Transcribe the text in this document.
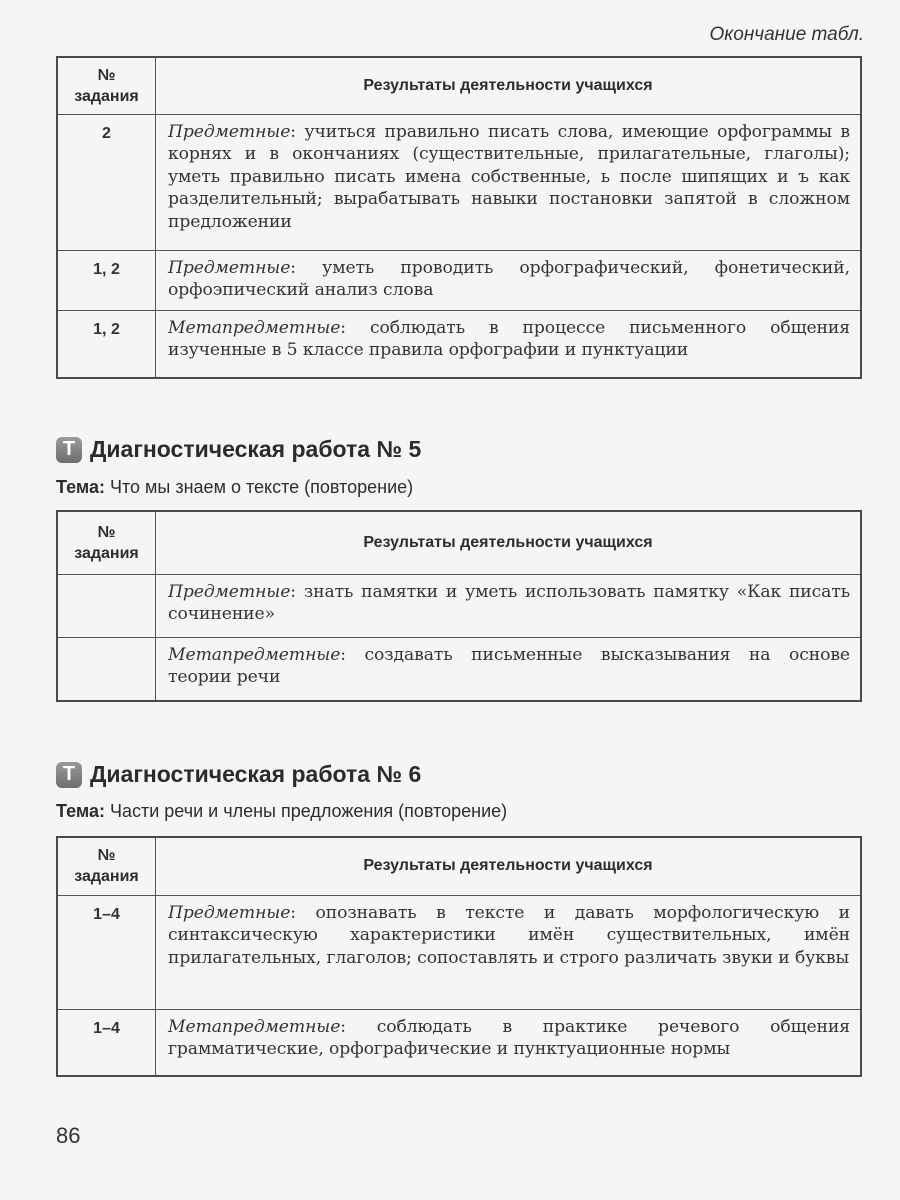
Окончание табл.
№
задания	Результаты деятельности учащихся
2	Предметные: учиться правильно писать слова, имеющие орфограммы в корнях и в окончаниях (существительные, прилагательные, глаголы); уметь правильно писать имена собственные, ь после шипящих и ъ как разделительный; вырабатывать навыки постановки запятой в сложном предложении
1, 2	Предметные: уметь проводить орфографический, фонетический, орфоэпический анализ слова
1, 2	Метапредметные: соблюдать в процессе письменного общения изученные в 5 классе правила орфографии и пунктуации
T Диагностическая работа № 5
Тема: Что мы знаем о тексте (повторение)
№
задания	Результаты деятельности учащихся
	Предметные: знать памятки и уметь использовать памятку «Как писать сочинение»
	Метапредметные: создавать письменные высказывания на основе теории речи
T Диагностическая работа № 6
Тема: Части речи и члены предложения (повторение)
№
задания	Результаты деятельности учащихся
1–4	Предметные: опознавать в тексте и давать морфологическую и синтаксическую характеристики имён существительных, имён прилагательных, глаголов; сопоставлять и строго различать звуки и буквы
1–4	Метапредметные: соблюдать в практике речевого общения грамматические, орфографические и пунктуационные нормы
86
